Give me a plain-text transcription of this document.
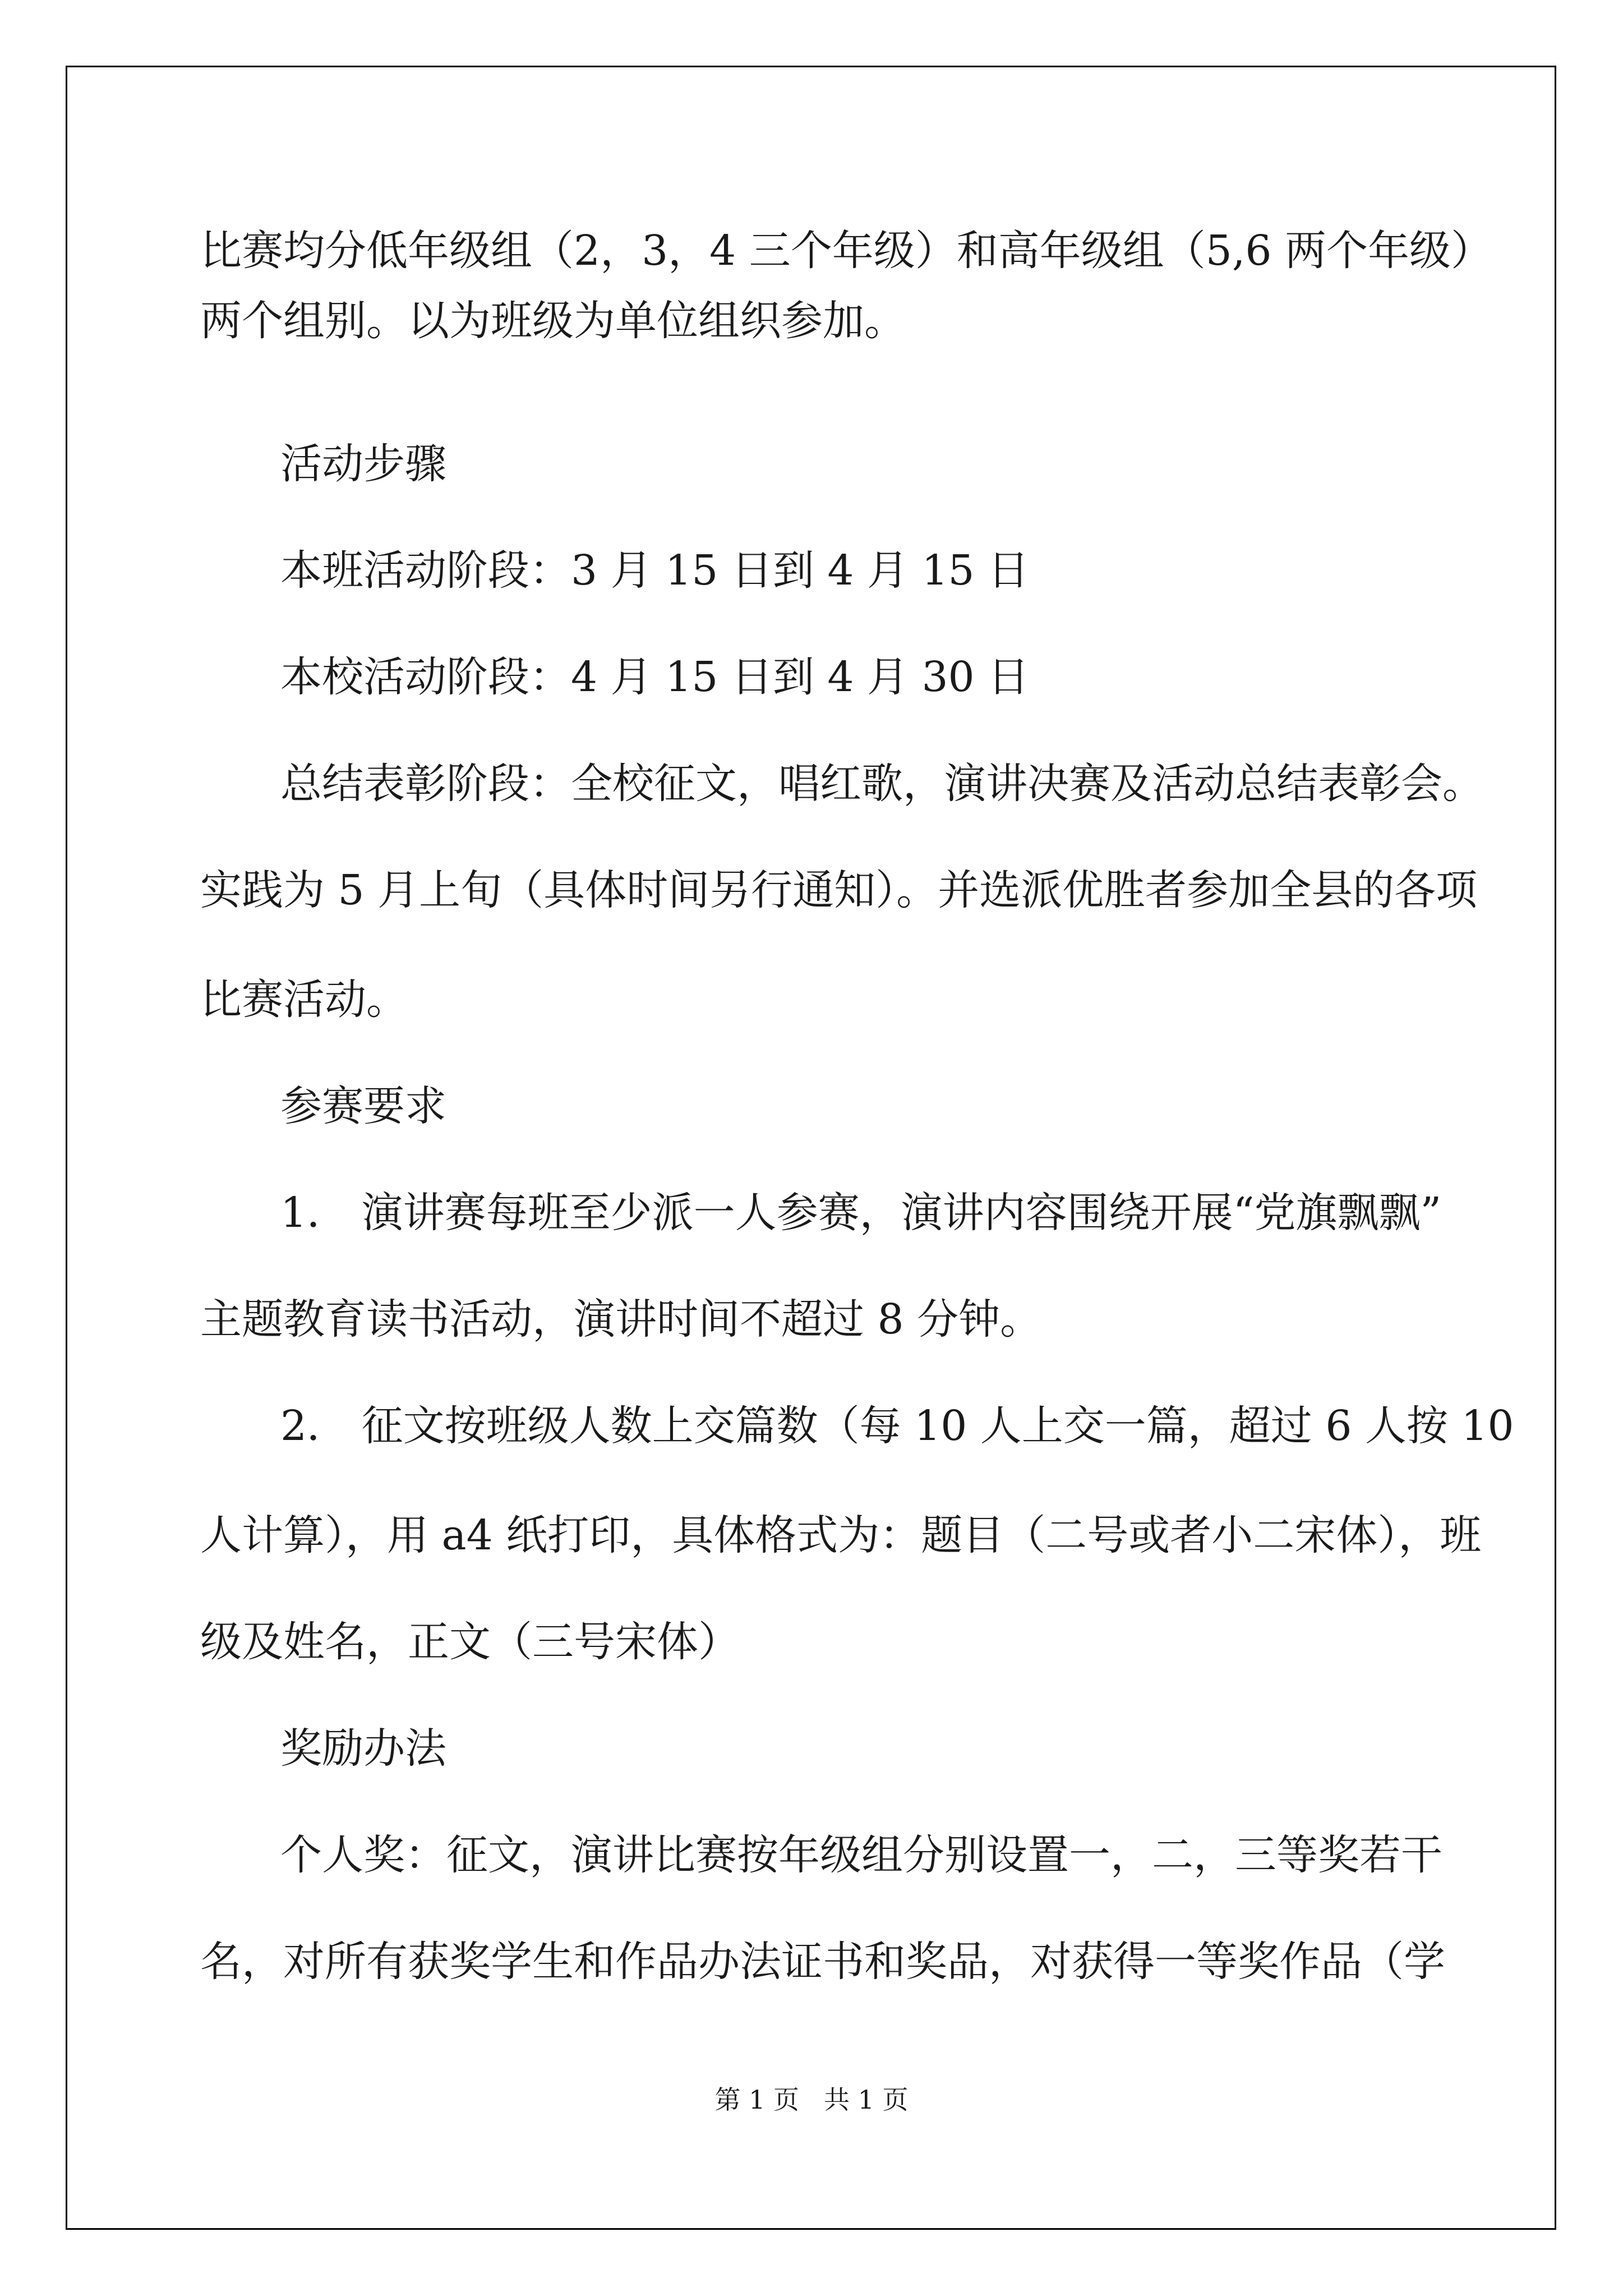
比赛均分低年级组（2，3，4 三个年级）和高年级组（5,6 两个年级）
两个组别。以为班级为单位组织参加。
活动步骤
本班活动阶段：3 月 15 日到 4 月 15 日
本校活动阶段：4 月 15 日到 4 月 30 日
总结表彰阶段：全校征文，唱红歌，演讲决赛及活动总结表彰会。
实践为 5 月上旬（具体时间另行通知）。并选派优胜者参加全县的各项
比赛活动。
参赛要求
1． 演讲赛每班至少派一人参赛，演讲内容围绕开展“党旗飘飘”
主题教育读书活动，演讲时间不超过 8 分钟。
2． 征文按班级人数上交篇数（每 10 人上交一篇，超过 6 人按 10
人计算），用 a4 纸打印，具体格式为：题目（二号或者小二宋体），班
级及姓名，正文（三号宋体）
奖励办法
个人奖：征文，演讲比赛按年级组分别设置一，二，三等奖若干
名，对所有获奖学生和作品办法证书和奖品，对获得一等奖作品（学
第 1 页 共 1 页
